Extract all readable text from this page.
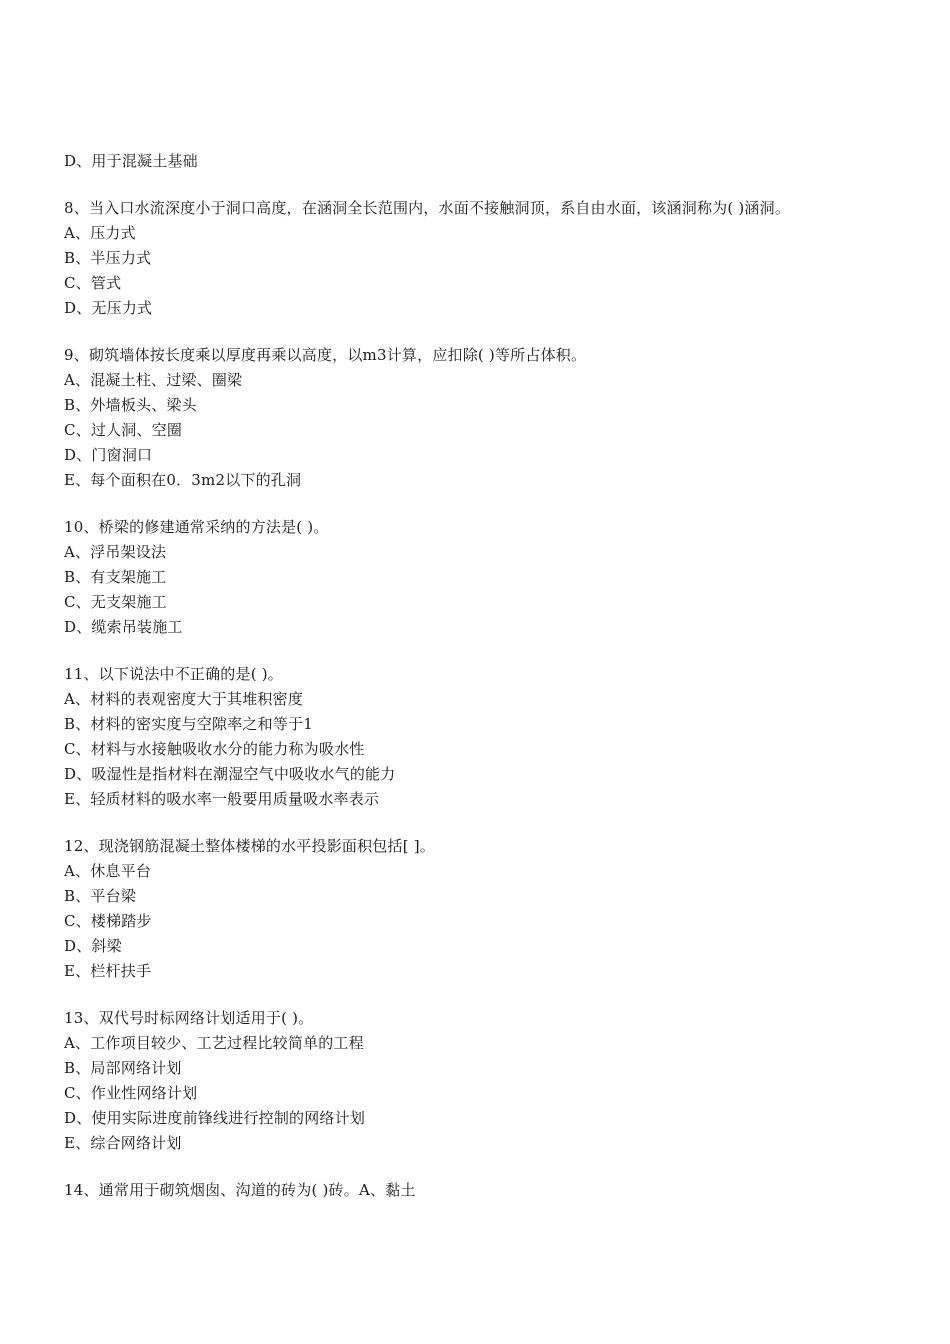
D、用于混凝土基础
8、当入口水流深度小于洞口高度，在涵洞全长范围内，水面不接触洞顶，系自由水面，该涵洞称为( )涵洞。
A、压力式
B、半压力式
C、管式
D、无压力式
9、砌筑墙体按长度乘以厚度再乘以高度，以m3计算，应扣除( )等所占体积。
A、混凝土柱、过梁、圈梁
B、外墙板头、梁头
C、过人洞、空圈
D、门窗洞口
E、每个面积在0．3m2以下的孔洞
10、桥梁的修建通常采纳的方法是( )。
A、浮吊架设法
B、有支架施工
C、无支架施工
D、缆索吊装施工
11、以下说法中不正确的是( )。
A、材料的表观密度大于其堆积密度
B、材料的密实度与空隙率之和等于1
C、材料与水接触吸收水分的能力称为吸水性
D、吸湿性是指材料在潮湿空气中吸收水气的能力
E、轻质材料的吸水率一般要用质量吸水率表示
12、现浇钢筋混凝土整体楼梯的水平投影面积包括[ ]。
A、休息平台
B、平台梁
C、楼梯踏步
D、斜梁
E、栏杆扶手
13、双代号时标网络计划适用于( )。
A、工作项目较少、工艺过程比较简单的工程
B、局部网络计划
C、作业性网络计划
D、使用实际进度前锋线进行控制的网络计划
E、综合网络计划
14、通常用于砌筑烟囱、沟道的砖为( )砖。A、黏土
